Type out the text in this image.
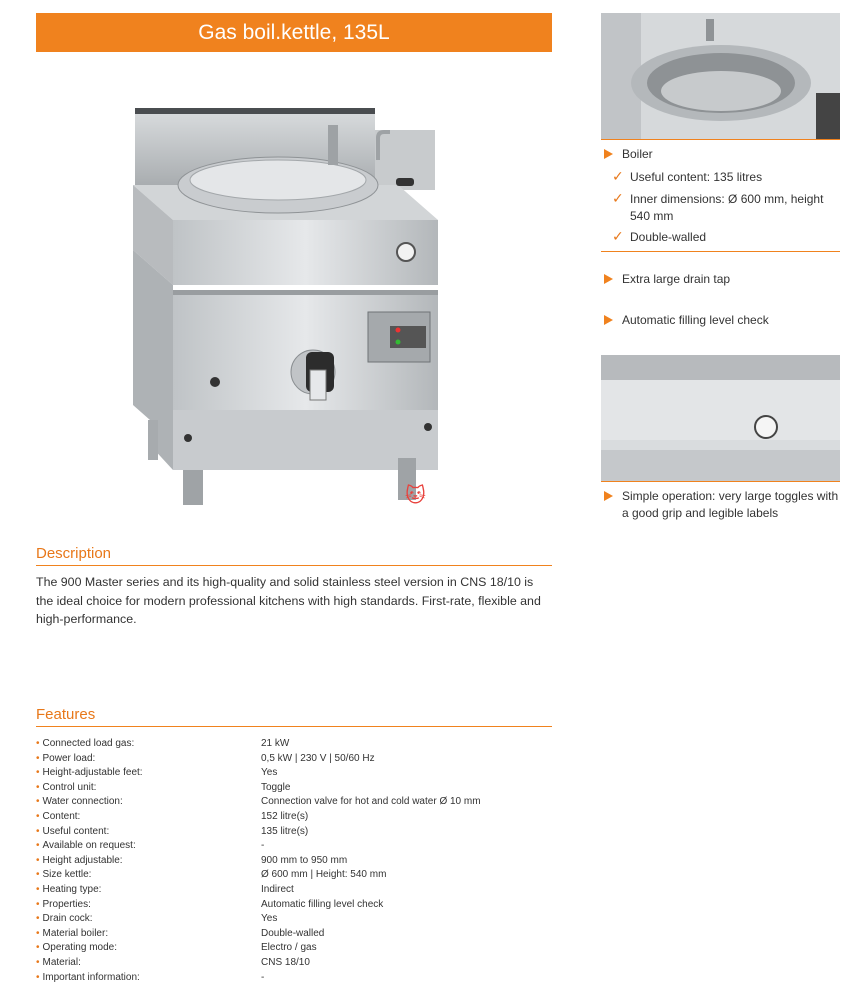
Gas boil.kettle, 135L
🐱
Description
The 900 Master series and its high-quality and solid stainless steel version in CNS 18/10 is the ideal choice for modern professional kitchens with high standards. First-rate, flexible and high-performance.
Features
• Connected load gas:	21 kW
• Power load:	0,5 kW | 230 V | 50/60 Hz
• Height-adjustable feet:	Yes
• Control unit:	Toggle
• Water connection:	Connection valve for hot and cold water Ø 10 mm
• Content:	152 litre(s)
• Useful content:	135 litre(s)
• Available on request:	-
• Height adjustable:	900 mm to 950 mm
• Size kettle:	Ø 600 mm | Height: 540 mm
• Heating type:	Indirect
• Properties:	Automatic filling level check
• Drain cock:	Yes
• Material boiler:	Double-walled
• Operating mode:	Electro / gas
• Material:	CNS 18/10
• Important information:	-
Boiler
✓ Useful content: 135 litres
✓ Inner dimensions: Ø 600 mm, height 540 mm
✓ Double-walled
Extra large drain tap
Automatic filling level check
Simple operation: very large toggles with a good grip and legible labels
